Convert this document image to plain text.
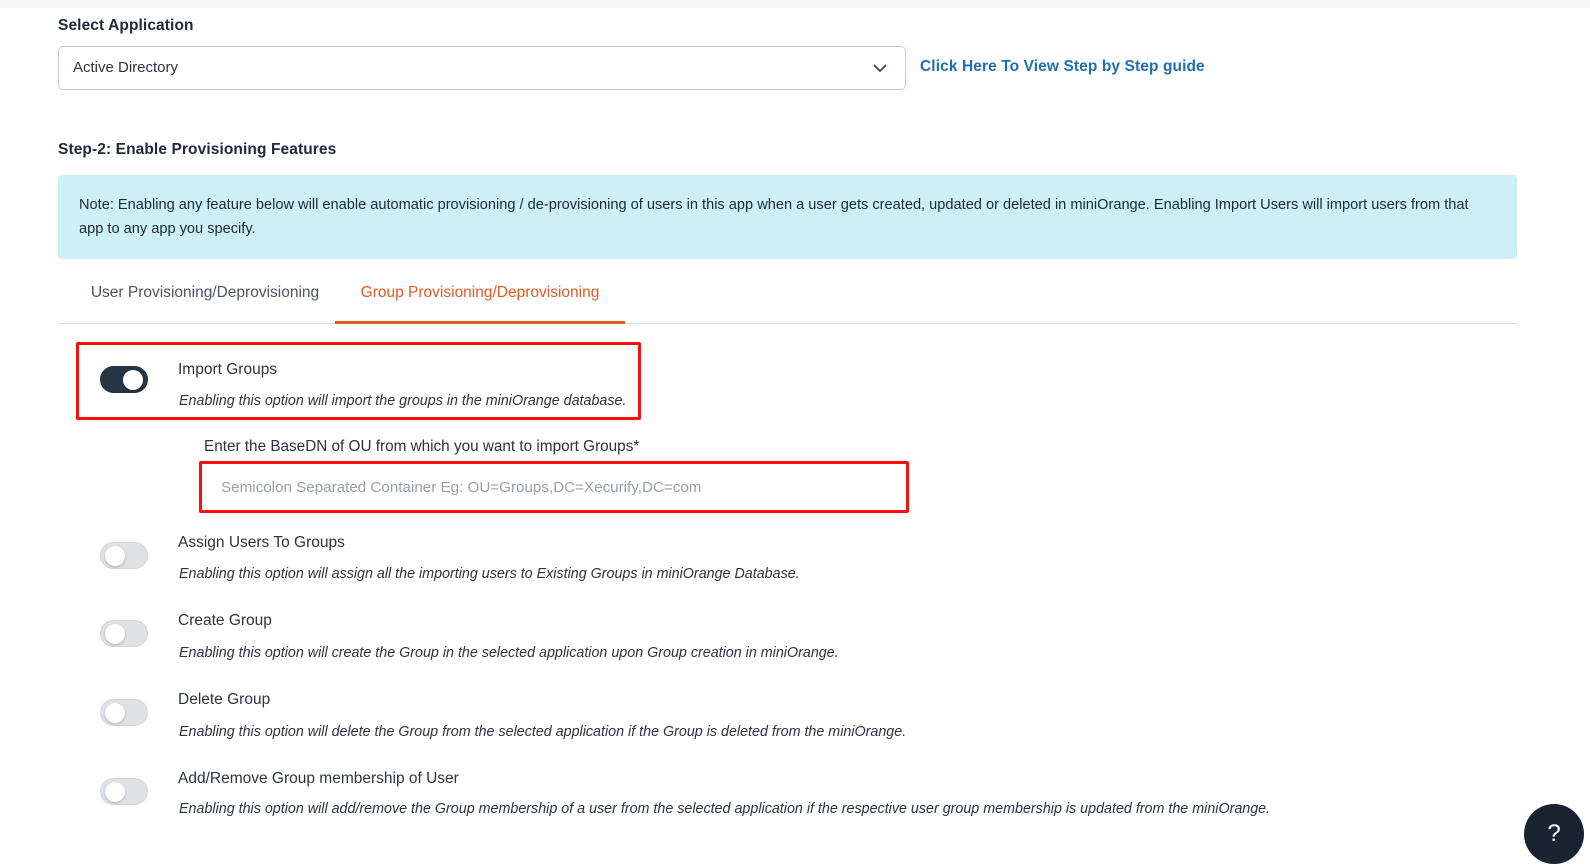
Select Application
Active Directory	Click Here To View Step by Step guide
Step-2: Enable Provisioning Features
Note: Enabling any feature below will enable automatic provisioning / de-provisioning of users in this app when a user gets created, updated or deleted in miniOrange. Enabling Import Users will import users from that app to any app you specify.
User Provisioning/Deprovisioning	Group Provisioning/Deprovisioning
Import Groups
Enabling this option will import the groups in the miniOrange database.
Enter the BaseDN of OU from which you want to import Groups*
Semicolon Separated Container Eg: OU=Groups,DC=Xecurify,DC=com
Assign Users To Groups
Enabling this option will assign all the importing users to Existing Groups in miniOrange Database.
Create Group
Enabling this option will create the Group in the selected application upon Group creation in miniOrange.
Delete Group
Enabling this option will delete the Group from the selected application if the Group is deleted from the miniOrange.
Add/Remove Group membership of User
Enabling this option will add/remove the Group membership of a user from the selected application if the respective user group membership is updated from the miniOrange.
?
